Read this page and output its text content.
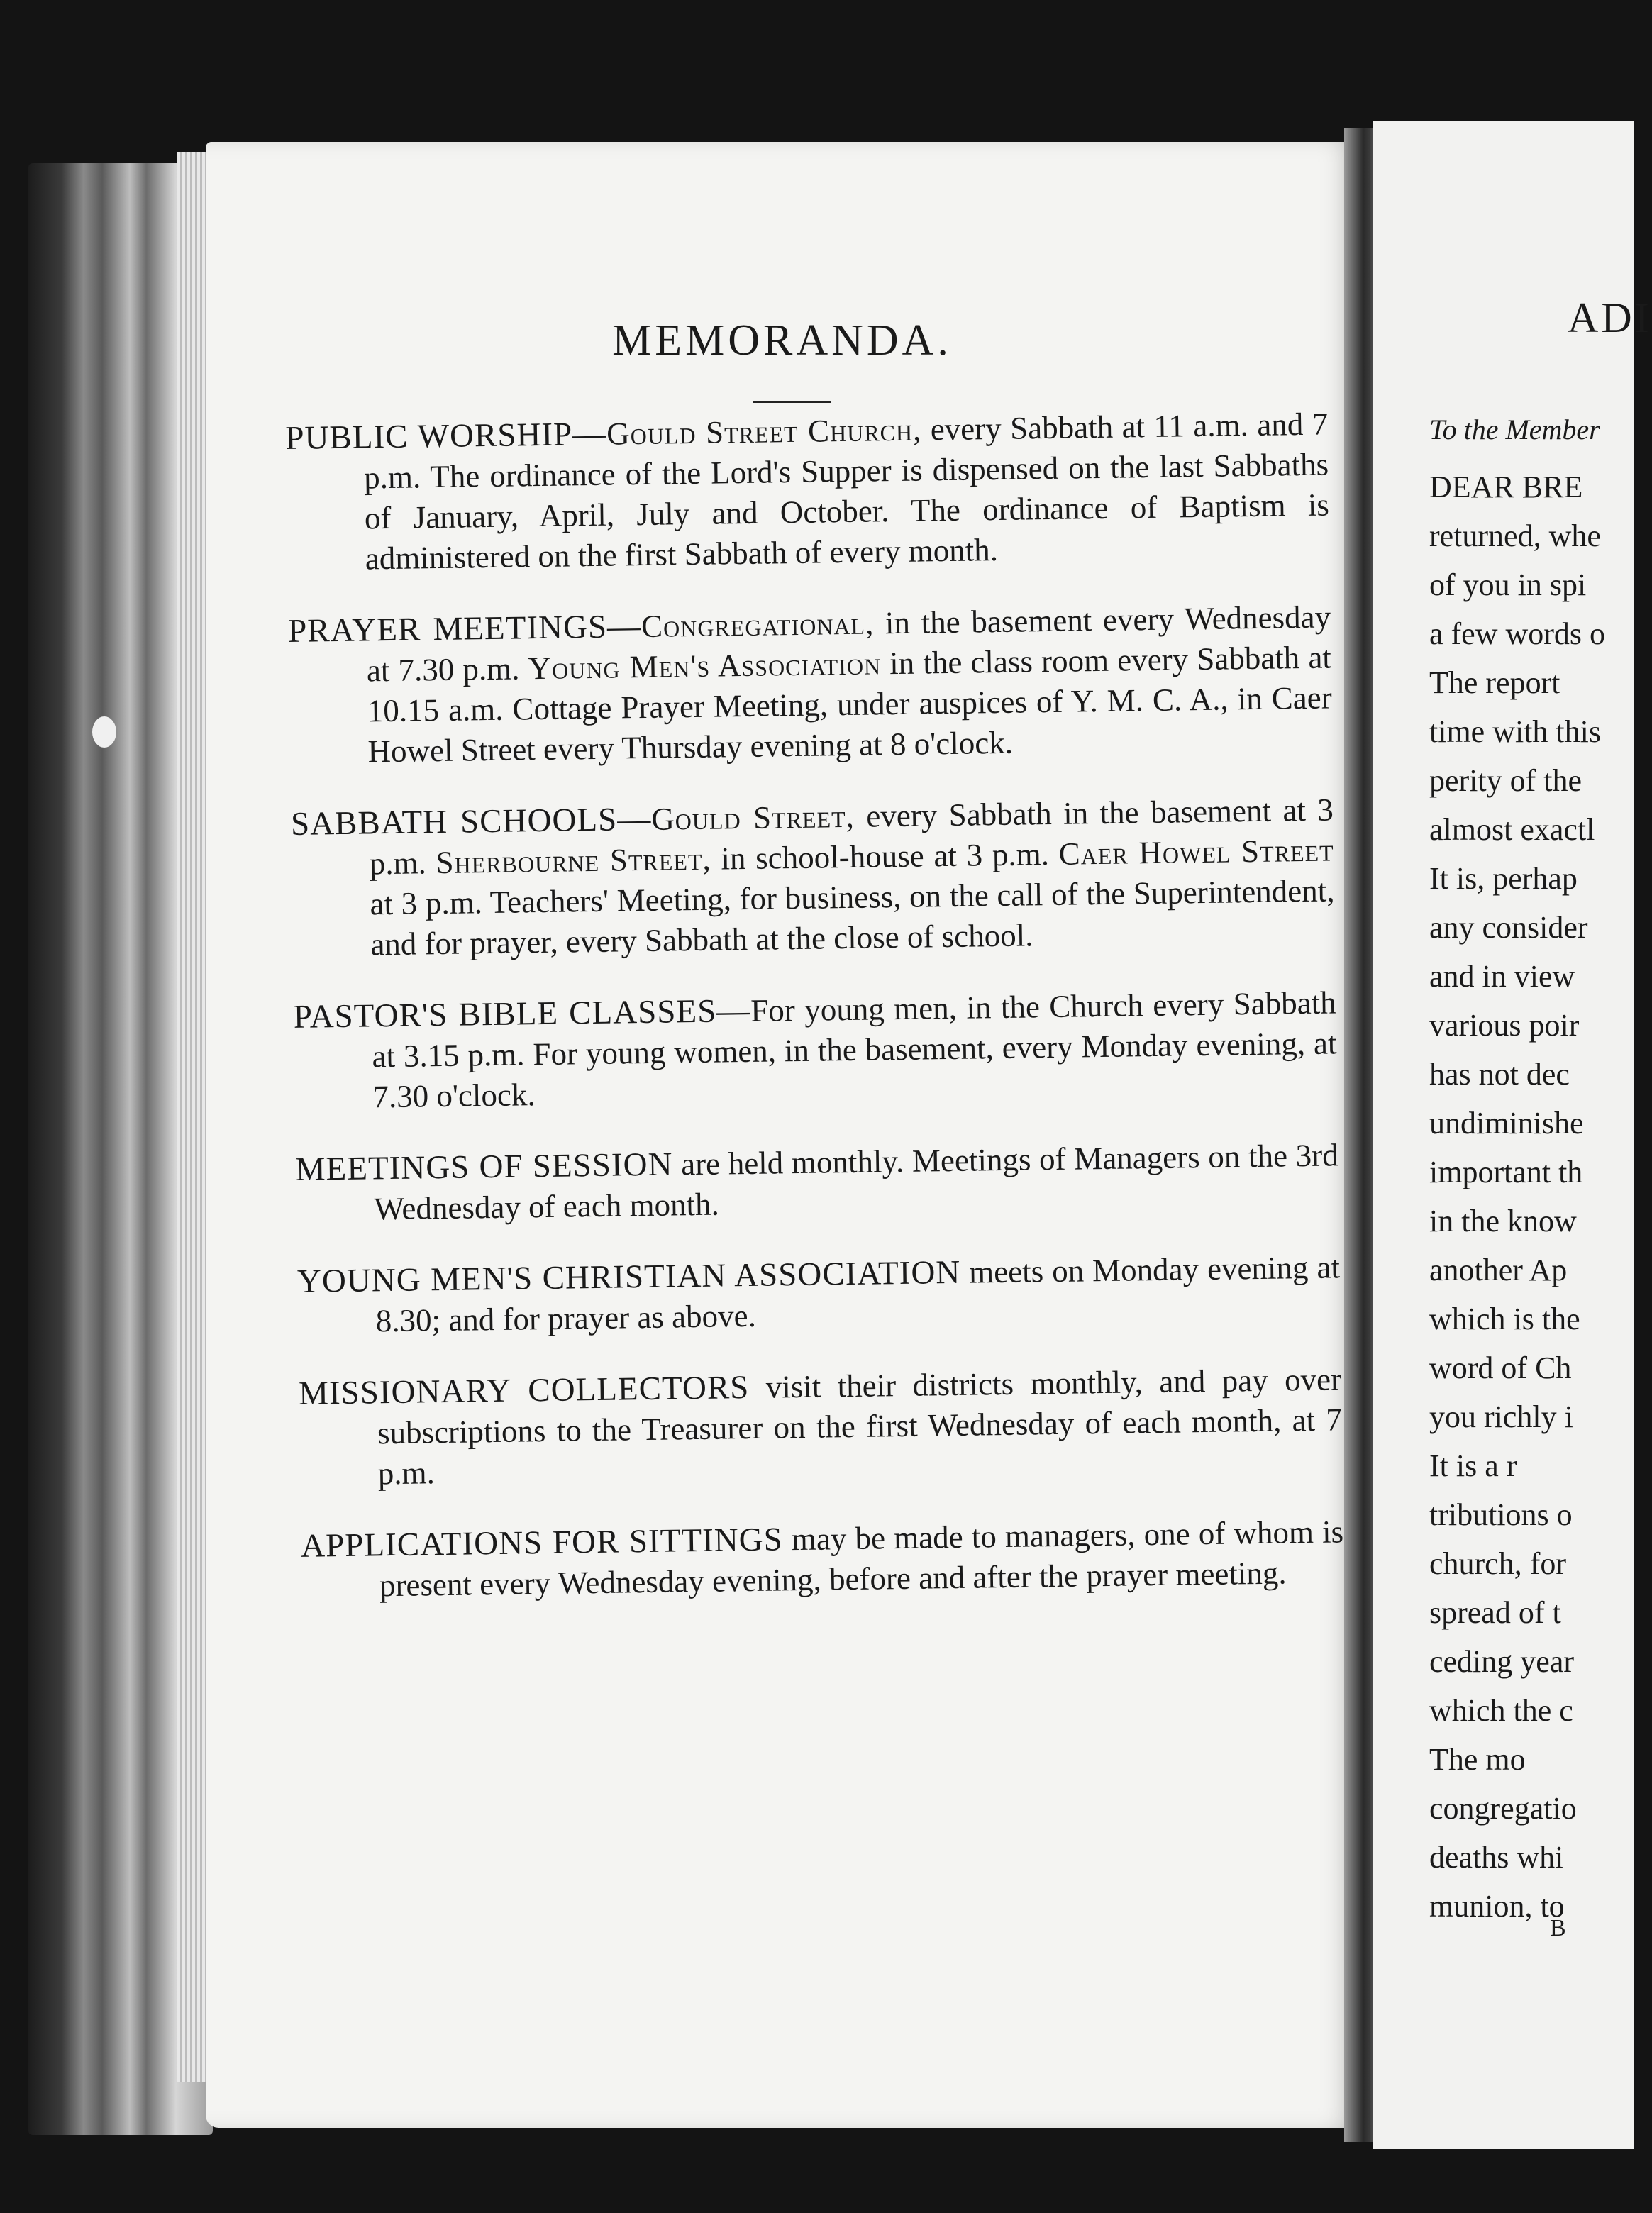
MEMORANDA.

PUBLIC WORSHIP—Gould Street Church, every Sabbath at 11 a.m. and 7 p.m. The ordinance of the Lord's Supper is dispensed on the last Sabbaths of January, April, July and October. The ordinance of Baptism is administered on the first Sabbath of every month.

PRAYER MEETINGS—Congregational, in the basement every Wednesday at 7.30 p.m. Young Men's Association in the class room every Sabbath at 10.15 a.m. Cottage Prayer Meeting, under auspices of Y. M. C. A., in Caer Howel Street every Thursday evening at 8 o'clock.

SABBATH SCHOOLS—Gould Street, every Sabbath in the basement at 3 p.m. Sherbourne Street, in school-house at 3 p.m. Caer Howel Street at 3 p.m. Teachers' Meeting, for business, on the call of the Superintendent, and for prayer, every Sabbath at the close of school.

PASTOR'S BIBLE CLASSES—For young men, in the Church every Sabbath at 3.15 p.m. For young women, in the basement, every Monday evening, at 7.30 o'clock.

MEETINGS OF SESSION are held monthly. Meetings of Managers on the 3rd Wednesday of each month.

YOUNG MEN'S CHRISTIAN ASSOCIATION meets on Monday evening at 8.30; and for prayer as above.

MISSIONARY COLLECTORS visit their districts monthly, and pay over subscriptions to the Treasurer on the first Wednesday of each month, at 7 p.m.

APPLICATIONS FOR SITTINGS may be made to managers, one of whom is present every Wednesday evening, before and after the prayer meeting.

ADI
To the Member
DEAR BRE
returned, whe
of you in spi
a few words o
The report
time with this
perity of the
almost exactl
It is, perhap
any consider
and in view
various poir
has not dec
undiminishe
important th
in the know
another Ap
which is the
word of Ch
you richly i
It is a r
tributions o
church, for
spread of t
ceding year
which the c
The mo
congregatio
deaths whi
munion, to
B
